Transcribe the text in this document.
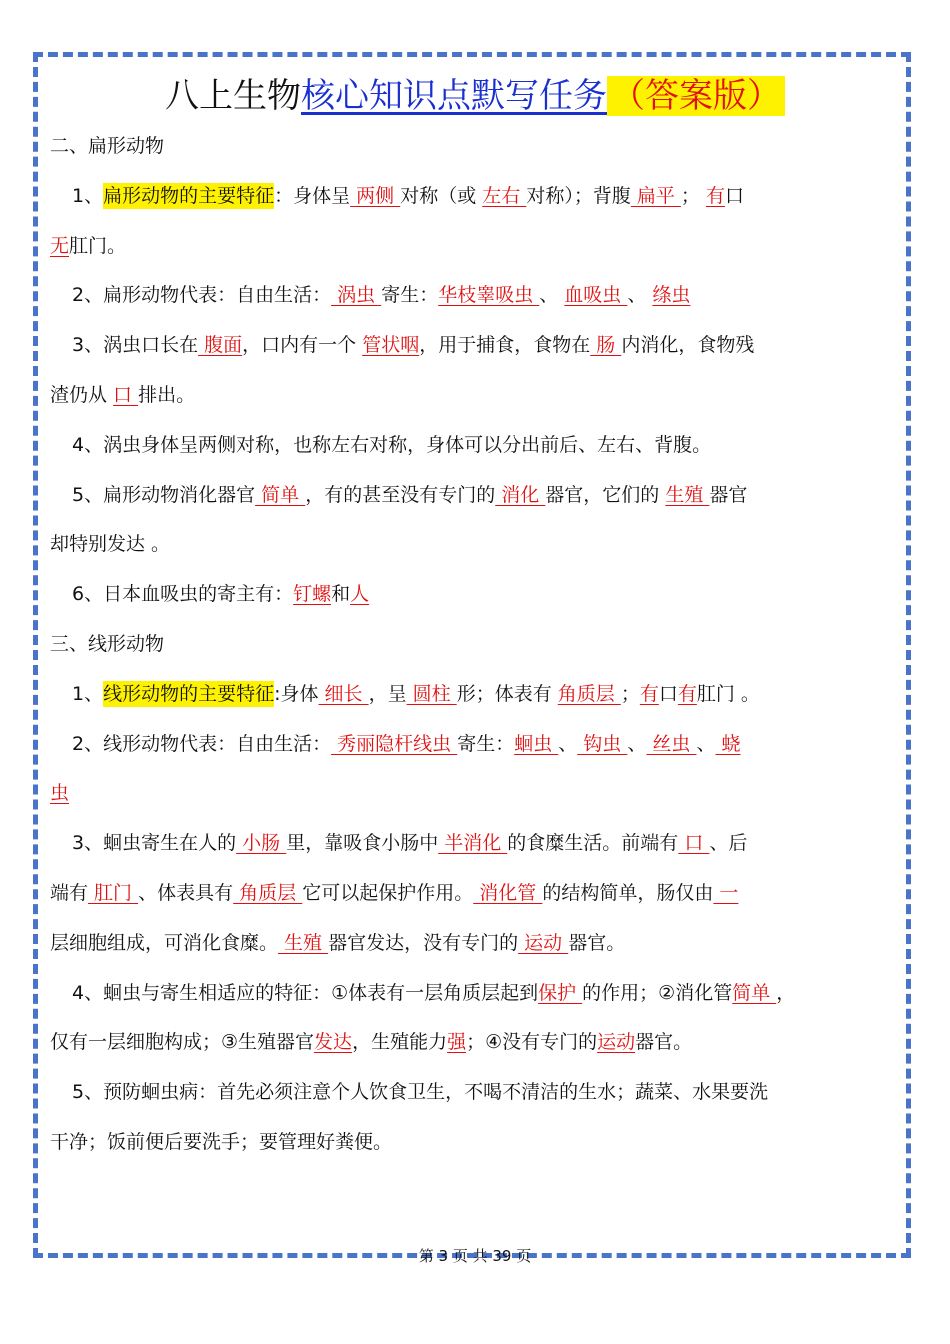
八上生物核心知识点默写任务 （答案版）

二、扁形动物

1、扁形动物的主要特征：身体呈 两侧 对称（或 左右 对称）；背腹 扁平 ； 有口

无肛门。

2、扁形动物代表：自由生活： 涡虫 寄生：华枝睾吸虫 、 血吸虫 、 绦虫

3、涡虫口长在 腹面，口内有一个 管状咽，用于捕食，食物在 肠 内消化，食物残

渣仍从 口 排出。

4、涡虫身体呈两侧对称，也称左右对称，身体可以分出前后、左右、背腹。

5、扁形动物消化器官 简单 ，有的甚至没有专门的 消化 器官，它们的 生殖 器官

却特别发达 。

6、日本血吸虫的寄主有：钉螺和人

三、线形动物

1、线形动物的主要特征:身体 细长 ，呈 圆柱 形；体表有 角质层 ；有口有肛门 。

2、线形动物代表：自由生活： 秀丽隐杆线虫 寄生：蛔虫 、 钩虫 、 丝虫 、 蛲

虫

3、蛔虫寄生在人的 小肠 里，靠吸食小肠中 半消化 的食糜生活。前端有 口 、后

端有 肛门 、体表具有 角质层 它可以起保护作用。 消化管 的结构简单，肠仅由 一

层细胞组成，可消化食糜。 生殖 器官发达，没有专门的 运动 器官。

4、蛔虫与寄生相适应的特征：①体表有一层角质层起到保护 的作用；②消化管简单 ，

仅有一层细胞构成；③生殖器官发达，生殖能力强；④没有专门的运动器官。

5、预防蛔虫病：首先必须注意个人饮食卫生，不喝不清洁的生水；蔬菜、水果要洗

干净；饭前便后要洗手；要管理好粪便。

第 3 页 共 39 页
